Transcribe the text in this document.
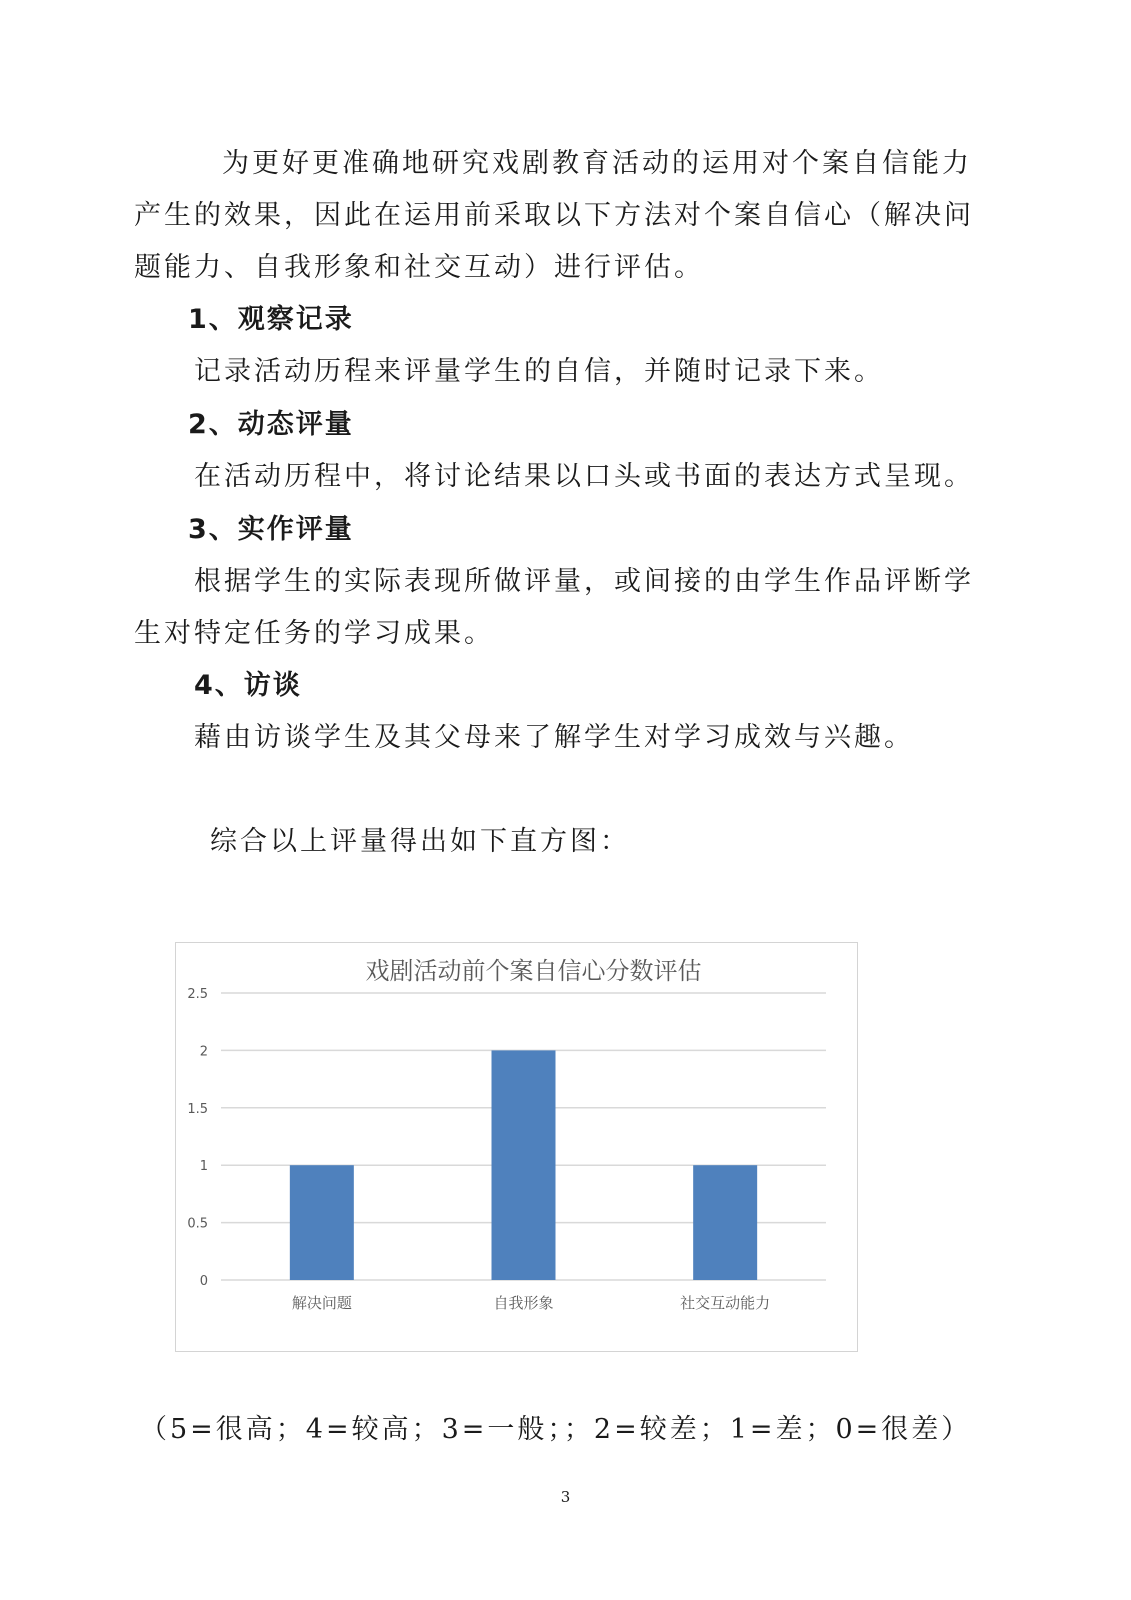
为更好更准确地研究戏剧教育活动的运用对个案自信能力
产生的效果，因此在运用前采取以下方法对个案自信心（解决问
题能力、自我形象和社交互动）进行评估。
1、观察记录
记录活动历程来评量学生的自信，并随时记录下来。
2、动态评量
在活动历程中，将讨论结果以口头或书面的表达方式呈现。
3、实作评量
根据学生的实际表现所做评量，或间接的由学生作品评断学
生对特定任务的学习成果。
4、访谈
藉由访谈学生及其父母来了解学生对学习成效与兴趣。
综合以上评量得出如下直方图：
戏剧活动前个案自信心分数评估
0
0.5
1
1.5
2
2.5
解决问题	自我形象	社交互动能力
（5=很高；4=较高；3=一般；；2=较差；1=差；0=很差）
3
